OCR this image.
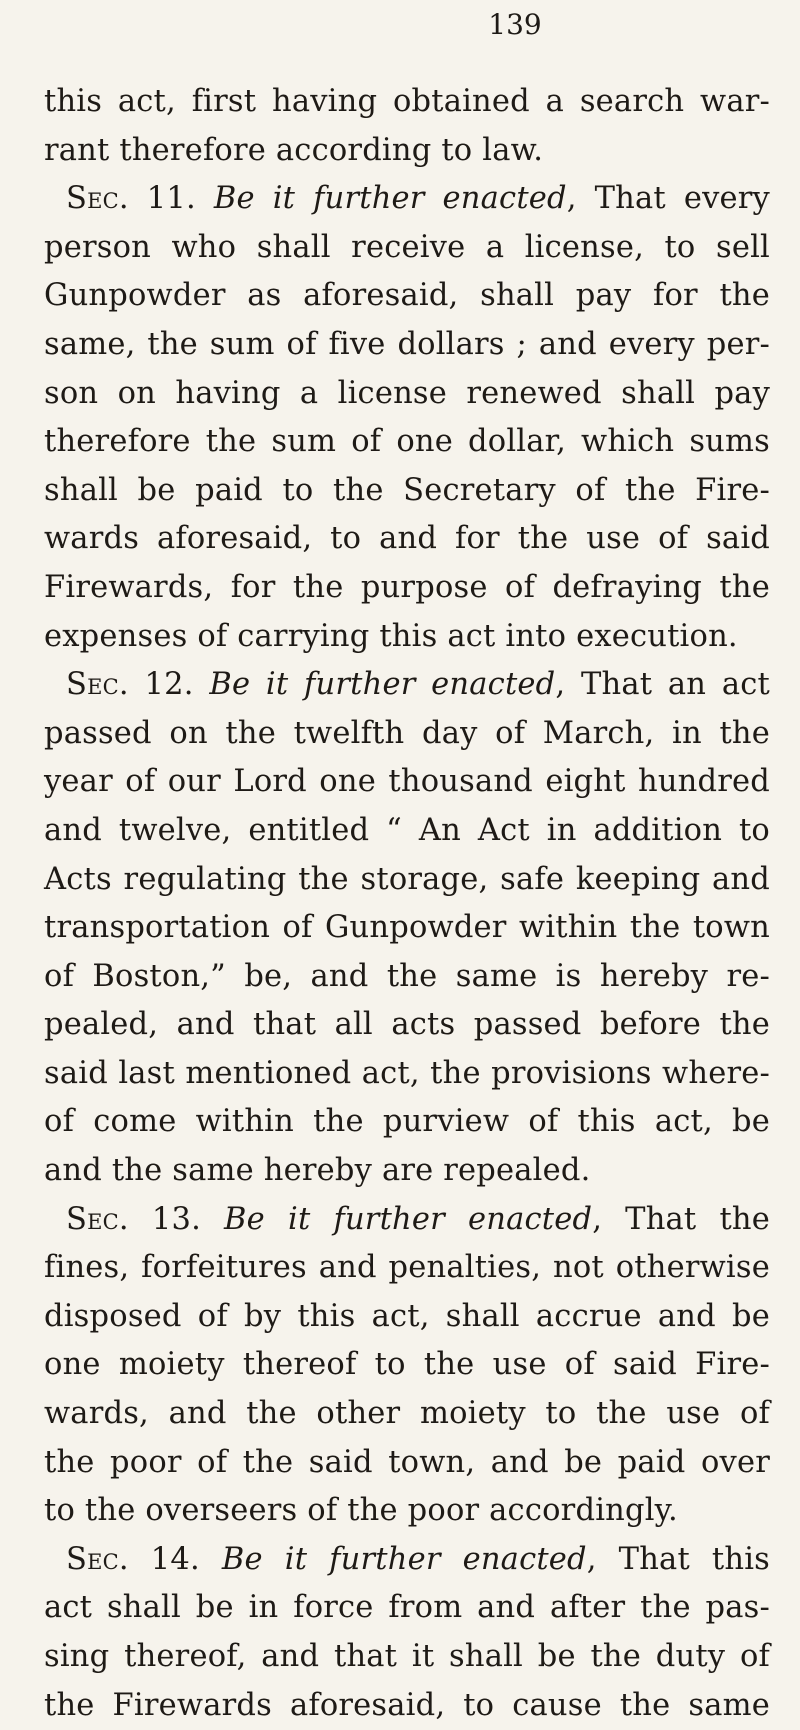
139
this act, first having obtained a search war-
rant therefore according to law.
Sec. 11. Be it further enacted, That every
person who shall receive a license, to sell
Gunpowder as aforesaid, shall pay for the
same, the sum of five dollars ; and every per-
son on having a license renewed shall pay
therefore the sum of one dollar, which sums
shall be paid to the Secretary of the Fire-
wards aforesaid, to and for the use of said
Firewards, for the purpose of defraying the
expenses of carrying this act into execution.
Sec. 12. Be it further enacted, That an act
passed on the twelfth day of March, in the
year of our Lord one thousand eight hundred
and twelve, entitled “ An Act in addition to
Acts regulating the storage, safe keeping and
transportation of Gunpowder within the town
of Boston,” be, and the same is hereby re-
pealed, and that all acts passed before the
said last mentioned act, the provisions where-
of come within the purview of this act, be
and the same hereby are repealed.
Sec. 13. Be it further enacted, That the
fines, forfeitures and penalties, not otherwise
disposed of by this act, shall accrue and be
one moiety thereof to the use of said Fire-
wards, and the other moiety to the use of
the poor of the said town, and be paid over
to the overseers of the poor accordingly.
Sec. 14. Be it further enacted, That this
act shall be in force from and after the pas-
sing thereof, and that it shall be the duty of
the Firewards aforesaid, to cause the same
